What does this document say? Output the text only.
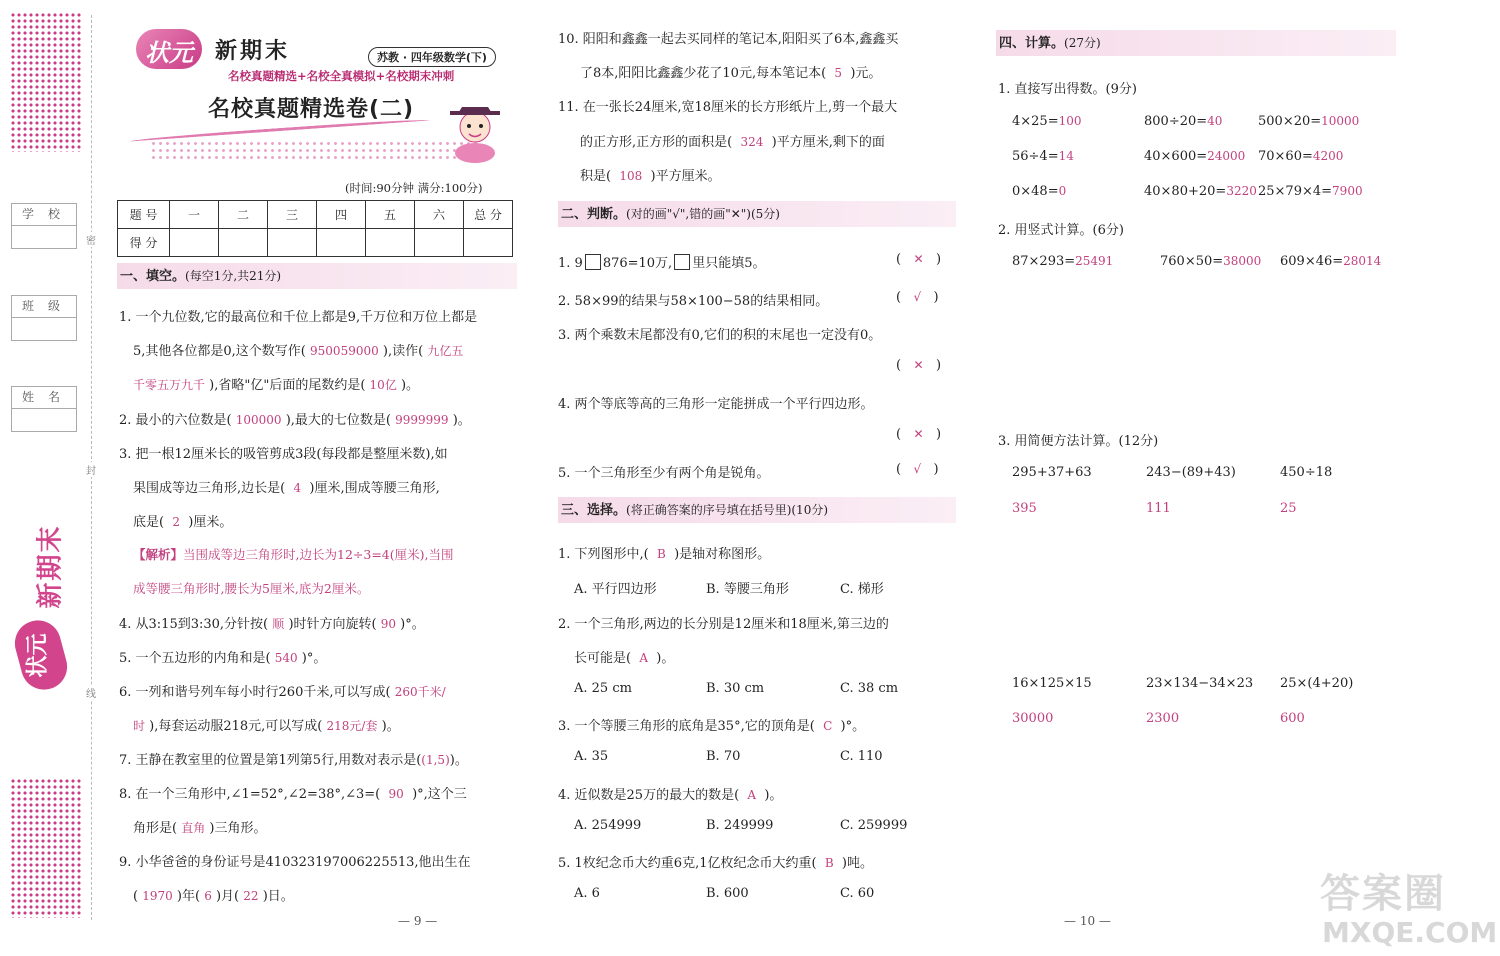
密
封
线
学校
班级
姓名
新期末
状元
状元 新期末	苏教 · 四年级数学(下)
名校真题精选+名校全真模拟+名校期末冲刺
名校真题精选卷(二)
(时间:90分钟 满分:100分)
题 号	一	二	三	四	五	六	总 分
得 分							
一、填空。(每空1分,共21分)
1. 一个九位数,它的最高位和千位上都是9,千万位和万位上都是
5,其他各位都是0,这个数写作( 950059000 ),读作( 九亿五
千零五万九千 ),省略"亿"后面的尾数约是( 10亿 )。
2. 最小的六位数是( 100000 ),最大的七位数是( 9999999 )。
3. 把一根12厘米长的吸管剪成3段(每段都是整厘米数),如
果围成等边三角形,边长是( 4 )厘米,围成等腰三角形,
底是( 2 )厘米。
【解析】当围成等边三角形时,边长为12÷3=4(厘米),当围
成等腰三角形时,腰长为5厘米,底为2厘米。
4. 从3:15到3:30,分针按( 顺 )时针方向旋转( 90 )°。
5. 一个五边形的内角和是( 540 )°。
6. 一列和谐号列车每小时行260千米,可以写成( 260千米/
时 ),每套运动服218元,可以写成( 218元/套 )。
7. 王静在教室里的位置是第1列第5行,用数对表示是((1,5))。
8. 在一个三角形中,∠1=52°,∠2=38°,∠3=( 90 )°,这个三
角形是( 直角 )三角形。
9. 小华爸爸的身份证号是410323197006225513,他出生在
( 1970 )年( 6 )月( 22 )日。
— 9 —
10. 阳阳和鑫鑫一起去买同样的笔记本,阳阳买了6本,鑫鑫买
了8本,阳阳比鑫鑫少花了10元,每本笔记本( 5 )元。
11. 在一张长24厘米,宽18厘米的长方形纸片上,剪一个最大
的正方形,正方形的面积是( 324 )平方厘米,剩下的面
积是( 108 )平方厘米。
二、判断。(对的画"√",错的画"✕")(5分)
1. 9 876=10万, 里只能填5。	( ✕ )
2. 58×99的结果与58×100−58的结果相同。	( √ )
3. 两个乘数末尾都没有0,它们的积的末尾也一定没有0。
( ✕ )
4. 两个等底等高的三角形一定能拼成一个平行四边形。
( ✕ )
5. 一个三角形至少有两个角是锐角。	( √ )
三、选择。(将正确答案的序号填在括号里)(10分)
1. 下列图形中,( B )是轴对称图形。
A. 平行四边形	B. 等腰三角形	C. 梯形
2. 一个三角形,两边的长分别是12厘米和18厘米,第三边的
长可能是( A )。
A. 25 cm	B. 30 cm	C. 38 cm
3. 一个等腰三角形的底角是35°,它的顶角是( C )°。
A. 35	B. 70	C. 110
4. 近似数是25万的最大的数是( A )。
A. 254999	B. 249999	C. 259999
5. 1枚纪念币大约重6克,1亿枚纪念币大约重( B )吨。
A. 6	B. 600	C. 60
四、计算。(27分)
1. 直接写出得数。(9分)
4×25=100	800÷20=40	500×20=10000
56÷4=14	40×600=24000 70×60=4200
0×48=0	40×80+20=3220 25×79×4=7900
2. 用竖式计算。(6分)
87×293=25491	760×50=38000 609×46=28014
3. 用简便方法计算。(12分)
295+37+63	243−(89+43)	450÷18
395	111	25
16×125×15	23×134−34×23 25×(4+20)
30000	2300	600
— 10 —
答案圈
MXQE.COM
